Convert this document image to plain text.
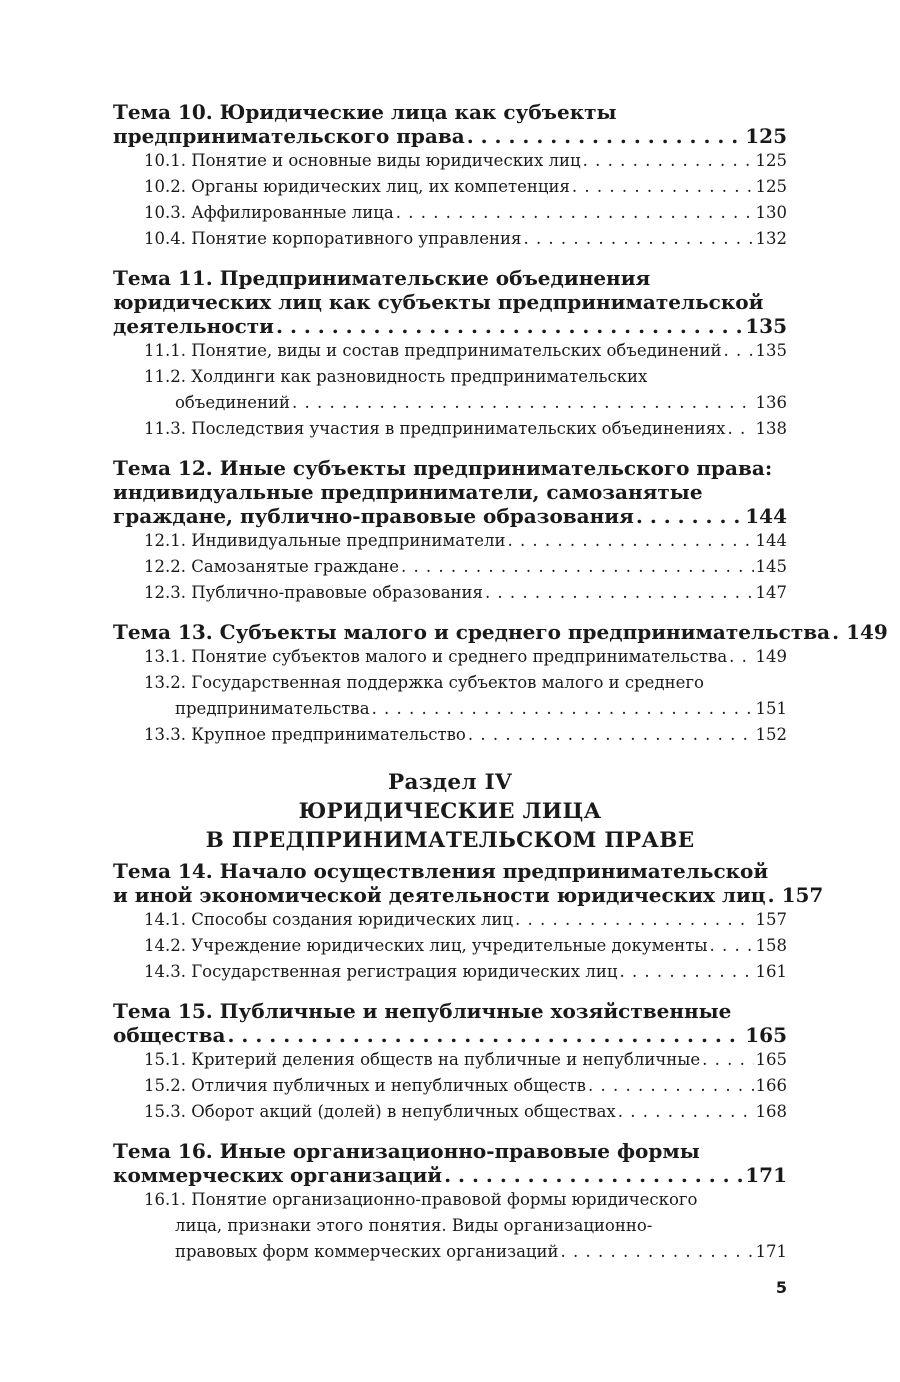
Тема 10. Юридические лица как субъекты
предпринимательского права . . .	125
10.1. Понятие и основные виды юридических лиц . . .	125
10.2. Органы юридических лиц, их компетенция . . .	125
10.3. Аффилированные лица . . .	130
10.4. Понятие корпоративного управления . . .	132
Тема 11. Предпринимательские объединения
юридических лиц как субъекты предпринимательской
деятельности . . .	135
11.1. Понятие, виды и состав предпринимательских объединений . . . 135
11.2. Холдинги как разновидность предпринимательских
объединений . . .	136
11.3. Последствия участия в предпринимательских объединениях . . . 138
Тема 12. Иные субъекты предпринимательского права:
индивидуальные предприниматели, самозанятые
граждане, публично-правовые образования . . .	144
12.1. Индивидуальные предприниматели . . .	144
12.2. Самозанятые граждане . . .	145
12.3. Публично-правовые образования . . .	147
Тема 13. Субъекты малого и среднего предпринимательства . . . 149
13.1. Понятие субъектов малого и среднего предпринимательства . . . 149
13.2. Государственная поддержка субъектов малого и среднего
предпринимательства . . .	151
13.3. Крупное предпринимательство . . .	152
Раздел IV
ЮРИДИЧЕСКИЕ ЛИЦА
В ПРЕДПРИНИМАТЕЛЬСКОМ ПРАВЕ
Тема 14. Начало осуществления предпринимательской
и иной экономической деятельности юридических лиц . . . 157
14.1. Способы создания юридических лиц . . .	157
14.2. Учреждение юридических лиц, учредительные документы . . .	158
14.3. Государственная регистрация юридических лиц . . .	161
Тема 15. Публичные и непубличные хозяйственные
общества . . .	165
15.1. Критерий деления обществ на публичные и непубличные . . .	165
15.2. Отличия публичных и непубличных обществ . . .	166
15.3. Оборот акций (долей) в непубличных обществах . . .	168
Тема 16. Иные организационно-правовые формы
коммерческих организаций . . .	171
16.1. Понятие организационно-правовой формы юридического
лица, признаки этого понятия. Виды организационно-
правовых форм коммерческих организаций . . .	171
5
